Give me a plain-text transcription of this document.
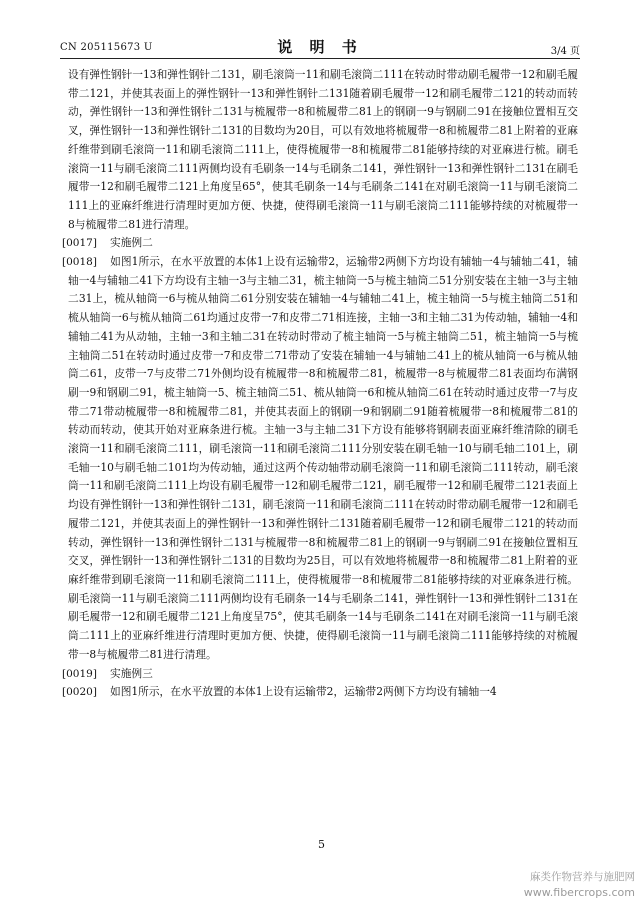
CN 205115673 U	说 明 书	3/4 页

设有弹性钢针一13和弹性钢针二131，刷毛滚筒一11和刷毛滚筒二111在转动时带动刷毛履带一12和刷毛履带二121，并使其表面上的弹性钢针一13和弹性钢针二131随着刷毛履带一12和刷毛履带二121的转动而转动，弹性钢针一13和弹性钢针二131与梳履带一8和梳履带二81上的钢刷一9与钢刷二91在接触位置相互交叉，弹性钢针一13和弹性钢针二131的目数均为20目，可以有效地将梳履带一8和梳履带二81上附着的亚麻纤维带到刷毛滚筒一11和刷毛滚筒二111上，使得梳履带一8和梳履带二81能够持续的对亚麻进行梳。刷毛滚筒一11与刷毛滚筒二111两侧均设有毛刷条一14与毛刷条二141，弹性钢针一13和弹性钢针二131在刷毛履带一12和刷毛履带二121上角度呈65°，使其毛刷条一14与毛刷条二141在对刷毛滚筒一11与刷毛滚筒二111上的亚麻纤维进行清理时更加方便、快捷，使得刷毛滚筒一11与刷毛滚筒二111能够持续的对梳履带一8与梳履带二81进行清理。

[0017] 实施例二

[0018] 如图1所示，在水平放置的本体1上设有运输带2，运输带2两侧下方均设有辅轴一4与辅轴二41，辅轴一4与辅轴二41下方均设有主轴一3与主轴二31，梳主轴筒一5与梳主轴筒二51分别安装在主轴一3与主轴二31上，梳从轴筒一6与梳从轴筒二61分别安装在辅轴一4与辅轴二41上，梳主轴筒一5与梳主轴筒二51和梳从轴筒一6与梳从轴筒二61均通过皮带一7和皮带二71相连接，主轴一3和主轴二31为传动轴，辅轴一4和辅轴二41为从动轴，主轴一3和主轴二31在转动时带动了梳主轴筒一5与梳主轴筒二51，梳主轴筒一5与梳主轴筒二51在转动时通过皮带一7和皮带二71带动了安装在辅轴一4与辅轴二41上的梳从轴筒一6与梳从轴筒二61，皮带一7与皮带二71外侧均设有梳履带一8和梳履带二81，梳履带一8与梳履带二81表面均布满钢刷一9和钢刷二91，梳主轴筒一5、梳主轴筒二51、梳从轴筒一6和梳从轴筒二61在转动时通过皮带一7与皮带二71带动梳履带一8和梳履带二81，并使其表面上的钢刷一9和钢刷二91随着梳履带一8和梳履带二81的转动而转动，使其开始对亚麻条进行梳。主轴一3与主轴二31下方设有能够将钢刷表面亚麻纤维清除的刷毛滚筒一11和刷毛滚筒二111，刷毛滚筒一11和刷毛滚筒二111分别安装在刷毛轴一10与刷毛轴二101上，刷毛轴一10与刷毛轴二101均为传动轴，通过这两个传动轴带动刷毛滚筒一11和刷毛滚筒二111转动，刷毛滚筒一11和刷毛滚筒二111上均设有刷毛履带一12和刷毛履带二121，刷毛履带一12和刷毛履带二121表面上均设有弹性钢针一13和弹性钢针二131，刷毛滚筒一11和刷毛滚筒二111在转动时带动刷毛履带一12和刷毛履带二121，并使其表面上的弹性钢针一13和弹性钢针二131随着刷毛履带一12和刷毛履带二121的转动而转动，弹性钢针一13和弹性钢针二131与梳履带一8和梳履带二81上的钢刷一9与钢刷二91在接触位置相互交叉，弹性钢针一13和弹性钢针二131的目数均为25目，可以有效地将梳履带一8和梳履带二81上附着的亚麻纤维带到刷毛滚筒一11和刷毛滚筒二111上，使得梳履带一8和梳履带二81能够持续的对亚麻条进行梳。刷毛滚筒一11与刷毛滚筒二111两侧均设有毛刷条一14与毛刷条二141，弹性钢针一13和弹性钢针二131在刷毛履带一12和刷毛履带二121上角度呈75°，使其毛刷条一14与毛刷条二141在对刷毛滚筒一11与刷毛滚筒二111上的亚麻纤维进行清理时更加方便、快捷，使得刷毛滚筒一11与刷毛滚筒二111能够持续的对梳履带一8与梳履带二81进行清理。

[0019] 实施例三

[0020] 如图1所示，在水平放置的本体1上设有运输带2，运输带2两侧下方均设有辅轴一4

5
麻类作物营养与施肥网
www.fibercrops.com
